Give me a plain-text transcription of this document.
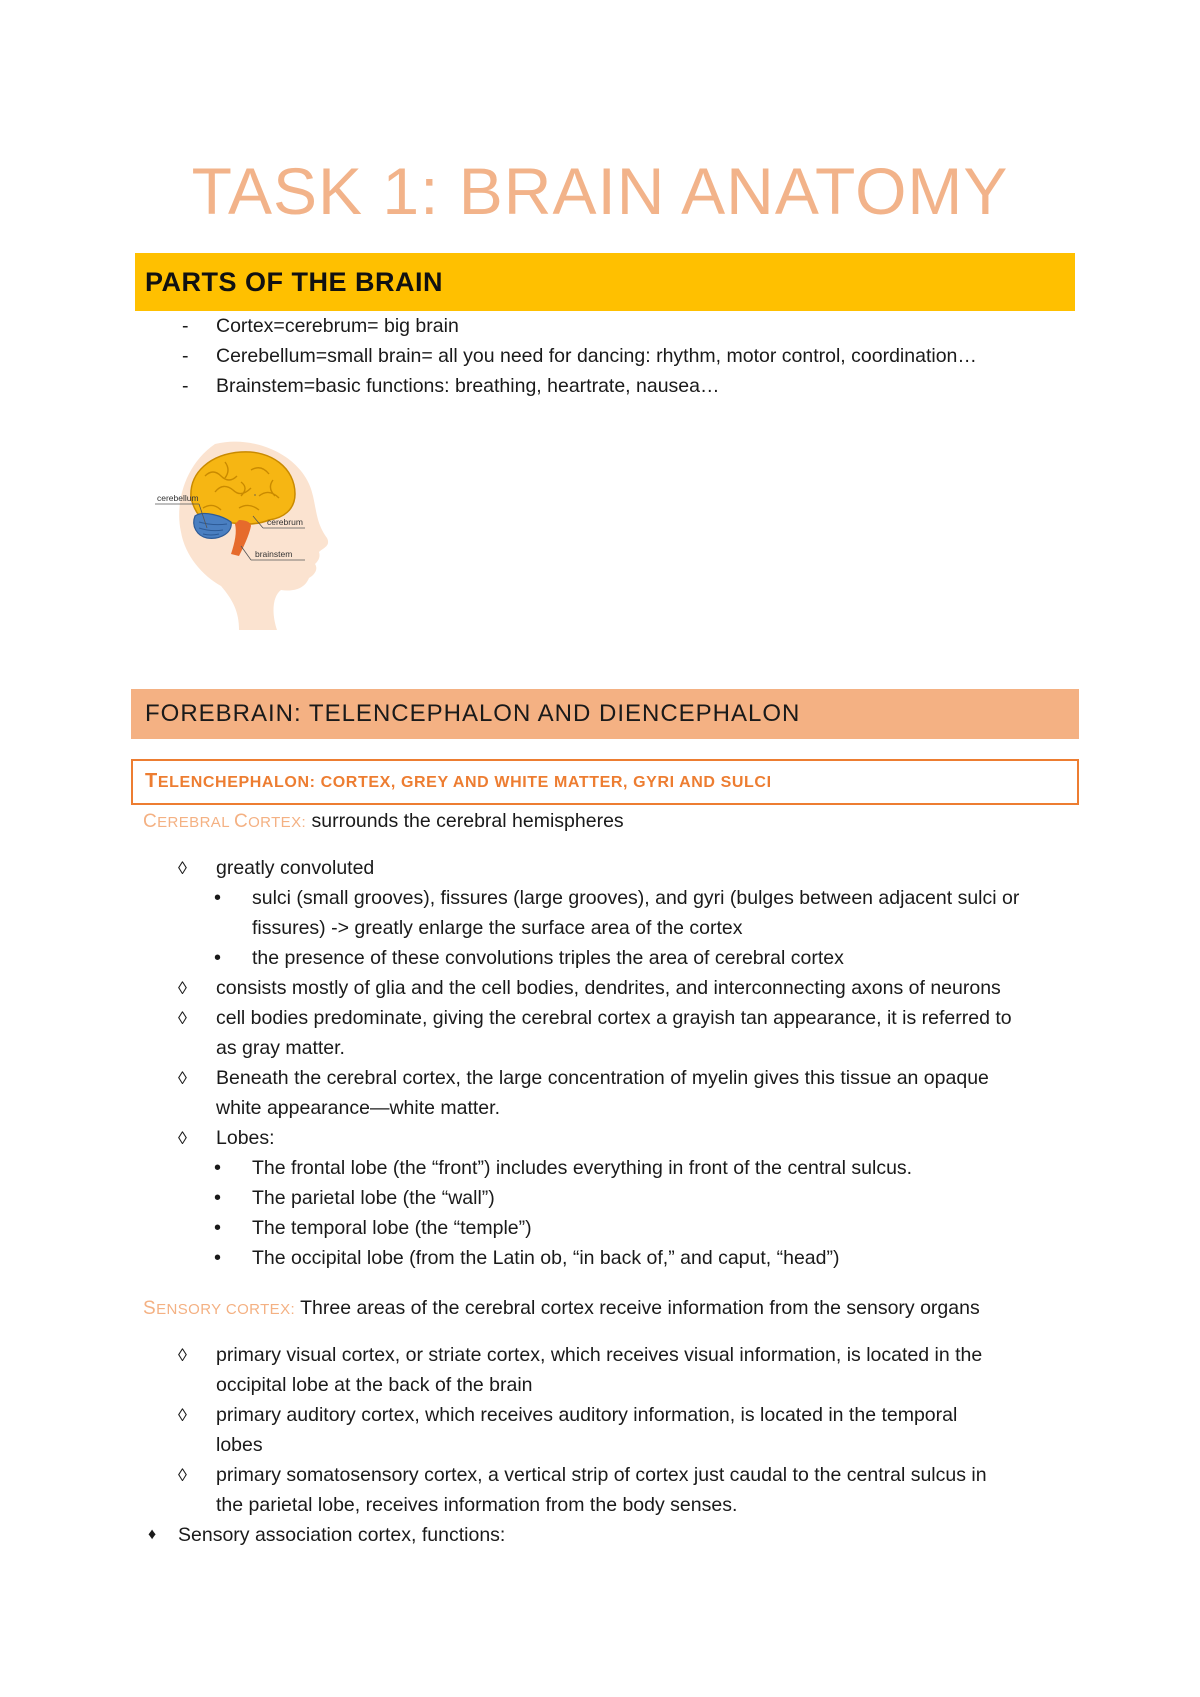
TASK 1: BRAIN ANATOMY
PARTS OF THE BRAIN
- Cortex=cerebrum= big brain
- Cerebellum=small brain= all you need for dancing: rhythm, motor control, coordination…
- Brainstem=basic functions: breathing, heartrate, nausea…
cerebellum
cerebrum
brainstem
FOREBRAIN: TELENCEPHALON AND DIENCEPHALON
TELENCHEPHALON: CORTEX, GREY AND WHITE MATTER, GYRI AND SULCI
CEREBRAL CORTEX: surrounds the cerebral hemispheres
◊ greatly convoluted
• sulci (small grooves), fissures (large grooves), and gyri (bulges between adjacent sulci or
fissures) -> greatly enlarge the surface area of the cortex
• the presence of these convolutions triples the area of cerebral cortex
◊ consists mostly of glia and the cell bodies, dendrites, and interconnecting axons of neurons
◊ cell bodies predominate, giving the cerebral cortex a grayish tan appearance, it is referred to
as gray matter.
◊ Beneath the cerebral cortex, the large concentration of myelin gives this tissue an opaque
white appearance—white matter.
◊ Lobes:
• The frontal lobe (the “front”) includes everything in front of the central sulcus.
• The parietal lobe (the “wall”)
• The temporal lobe (the “temple”)
• The occipital lobe (from the Latin ob, “in back of,” and caput, “head”)
SENSORY CORTEX: Three areas of the cerebral cortex receive information from the sensory organs
◊ primary visual cortex, or striate cortex, which receives visual information, is located in the
occipital lobe at the back of the brain
◊ primary auditory cortex, which receives auditory information, is located in the temporal
lobes
◊ primary somatosensory cortex, a vertical strip of cortex just caudal to the central sulcus in
the parietal lobe, receives information from the body senses.
♦ Sensory association cortex, functions:
